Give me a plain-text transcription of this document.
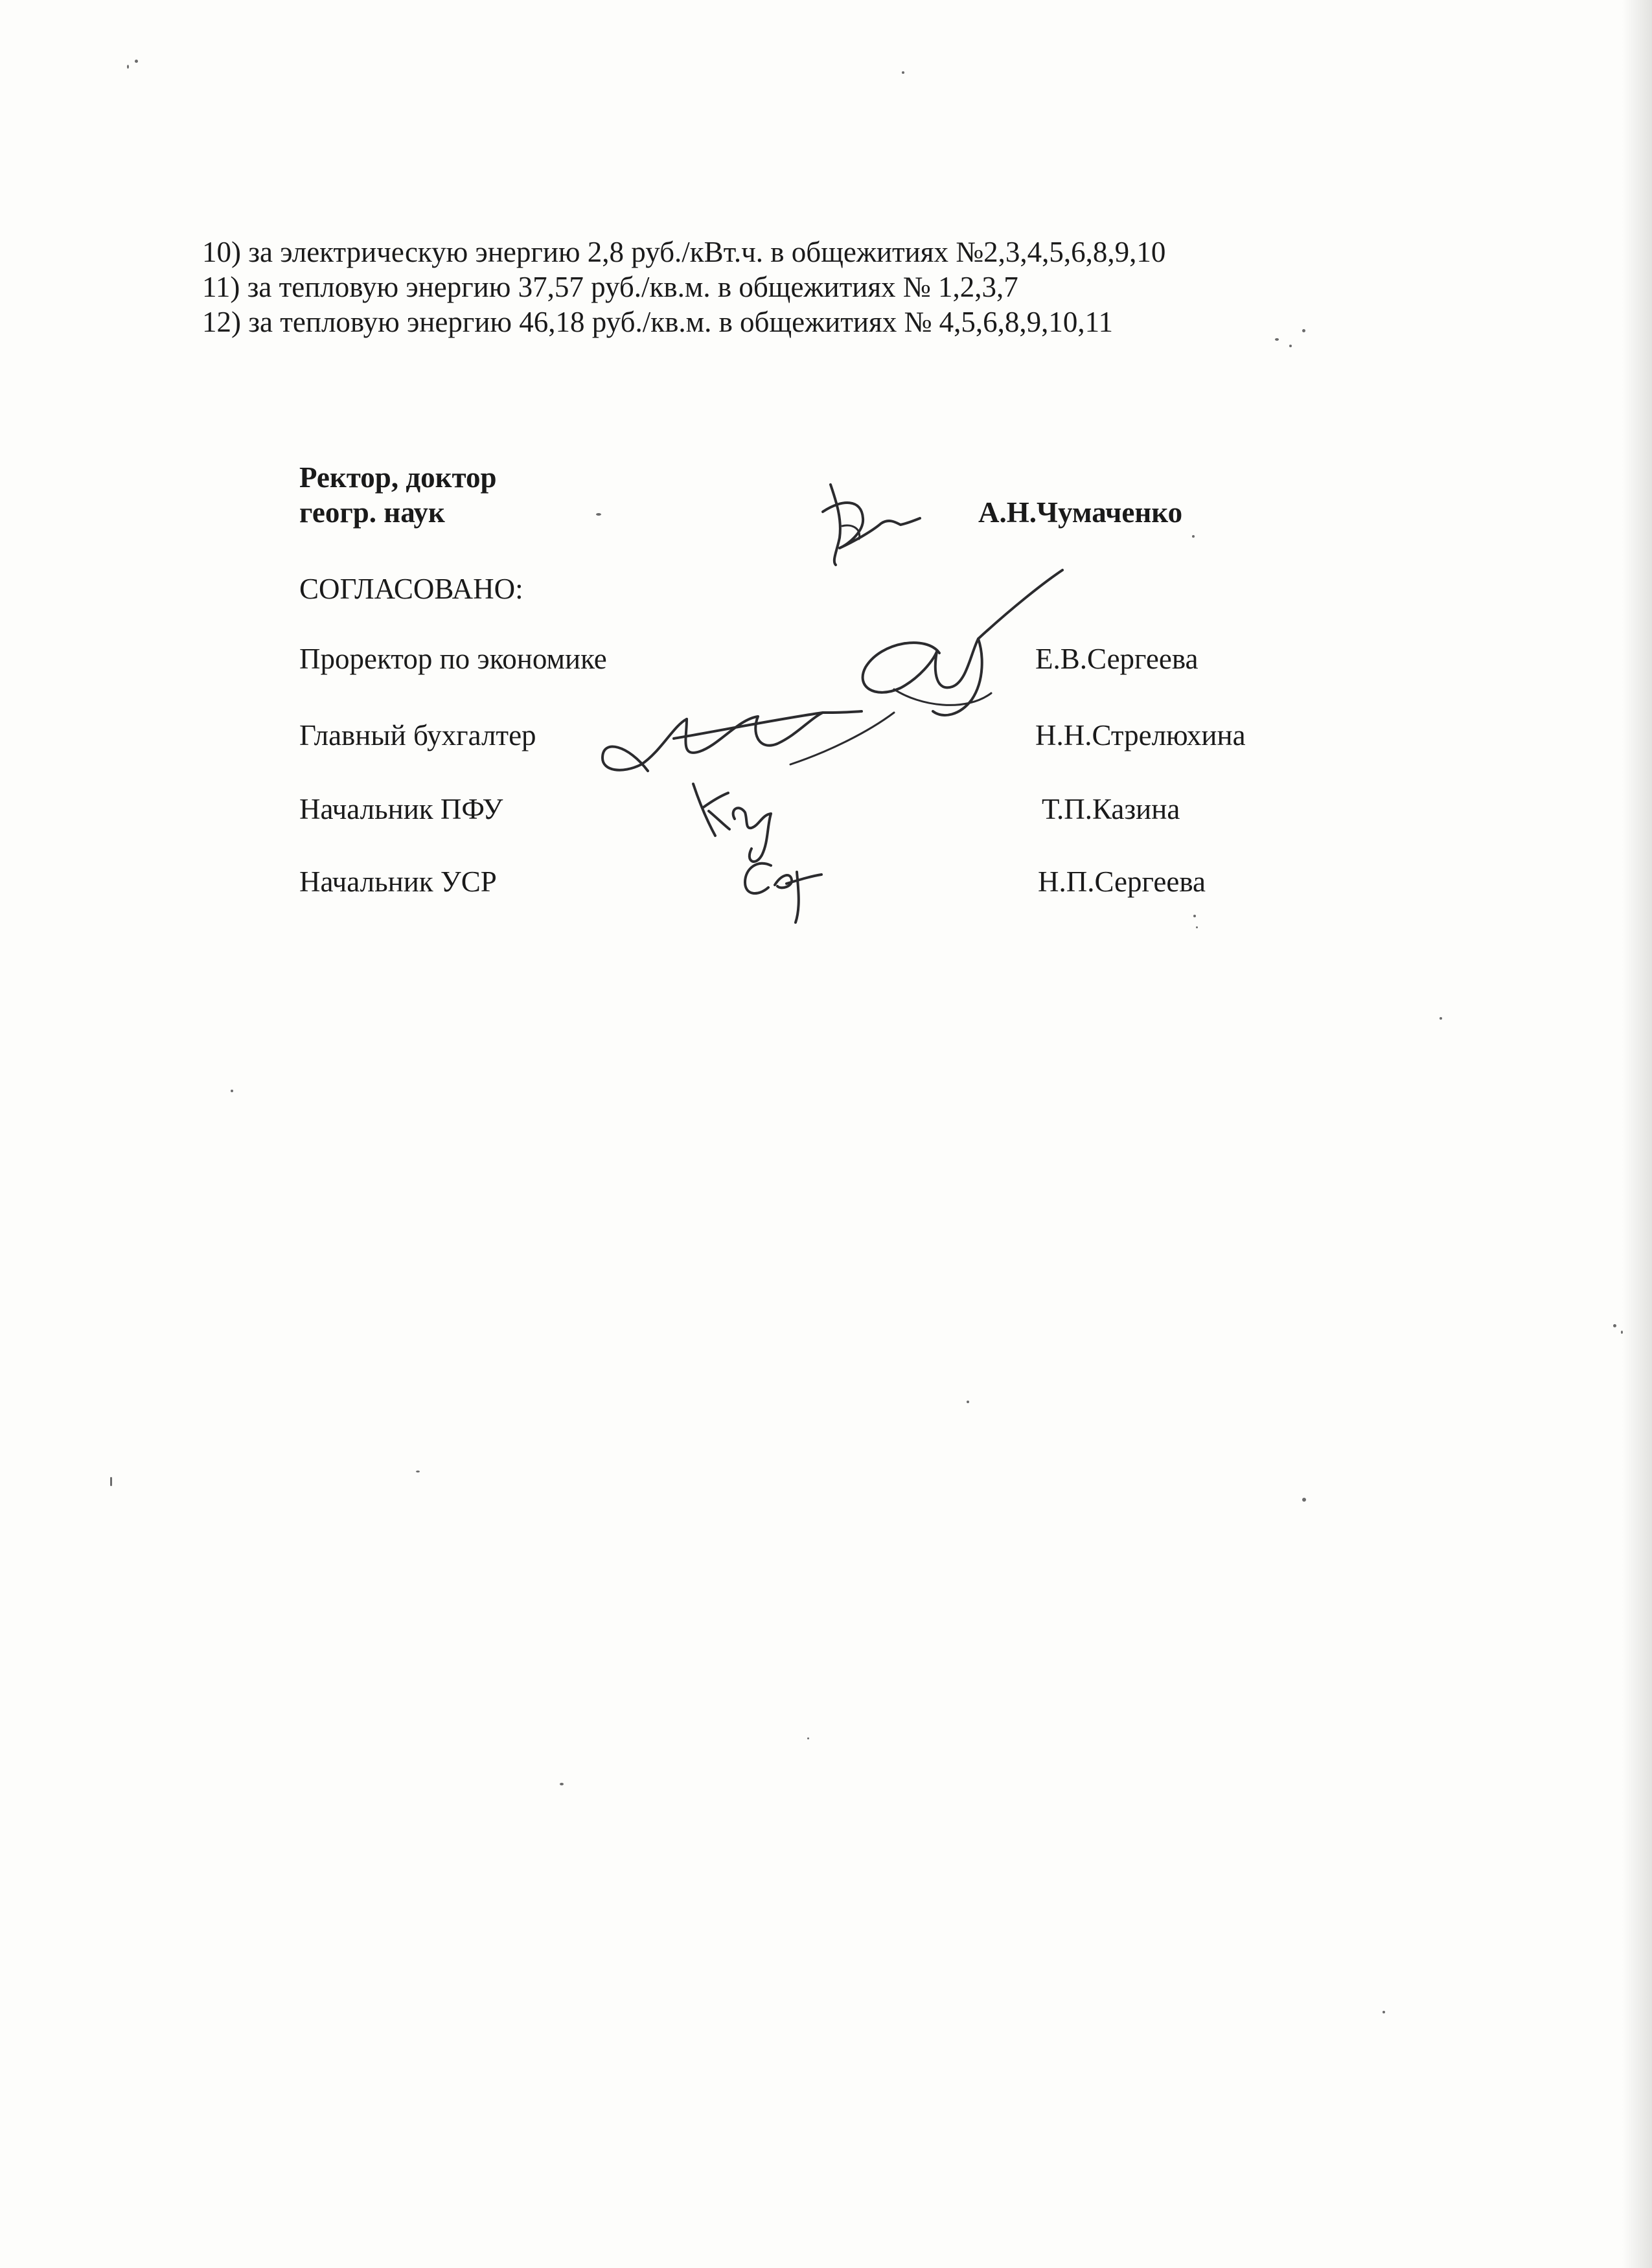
10) за электрическую энергию 2,8 руб./кВт.ч. в общежитиях №2,3,4,5,6,8,9,10
11) за тепловую энергию 37,57 руб./кв.м. в общежитиях № 1,2,3,7
12) за тепловую энергию 46,18 руб./кв.м. в общежитиях № 4,5,6,8,9,10,11
Ректор, доктор
геогр. наук	А.Н.Чумаченко
СОГЛАСОВАНО:
Проректор по экономике	Е.В.Сергеева
Главный бухгалтер	Н.Н.Стрелюхина
Начальник ПФУ	Т.П.Казина
Начальник УСР	Н.П.Сергеева
